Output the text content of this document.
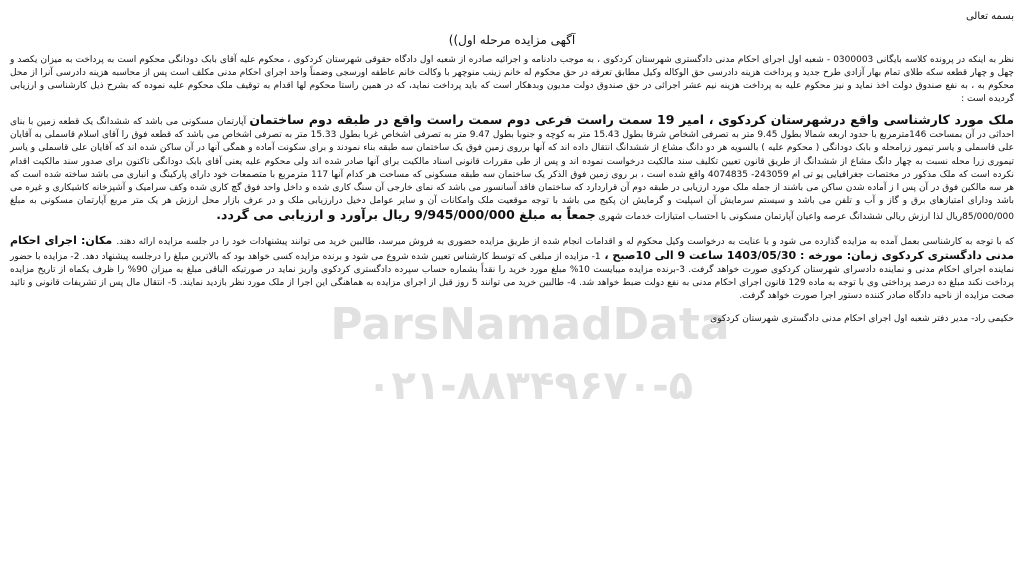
ParsNamadData
۰۲۱-۸۸۳۴۹۶۷۰-۵
بسمه تعالی
آگهی مزایده مرحله اول))

نظر به اینکه در پرونده کلاسه بایگانی 0300003 - شعبه اول اجرای احکام مدنی دادگستری شهرستان کردکوی ، به موجب دادنامه و اجرائیه صادره از شعبه اول دادگاه حقوقی شهرستان کردکوی ، محکوم علیه آقای بابک دودانگی محکوم است به پرداخت به میزان یکصد و چهل و چهار قطعه سکه طلای تمام بهار آزادی طرح جدید و پرداخت هزینه دادرسی حق الوکاله وکیل مطابق تعرفه در حق محکوم له خانم زینب منوچهر با وکالت خانم عاطفه اورسجی وضمناً واحد اجرای احکام مدنی مکلف است پس از محاسبه هزینه دادرسی آنرا از محل محکوم به ، به نفع صندوق دولت اخذ نماید و نیز محکوم علیه به پرداخت هزینه نیم عشر اجرائی در حق صندوق دولت مدیون وبدهکار است که باید پرداخت نماید، که در همین راستا محکوم لها اقدام به توقیف ملک محکوم علیه نموده که بشرح ذیل کارشناسی و ارزیابی گردیده است :

ملک مورد کارشناسی واقع درشهرستان کردکوی ، امیر 19 سمت راست فرعی دوم سمت راست واقع در طبقه دوم ساختمان آپارتمان مسکونی می باشد که ششدانگ یک قطعه زمین با بنای احداثی در آن بمساحت 146مترمربع با حدود اربعه شمالا بطول 9.45 متر به تصرفی اشخاص شرقا بطول 15.43 متر به کوچه و جنوبا بطول 9.47 متر به تصرفی اشخاص غربا بطول 15.33 متر به تصرفی اشخاص می باشد که قطعه فوق را آقای اسلام قاسملی به آقایان علی قاسملی و یاسر تیمور زرامحله و بابک دودانگی ( محکوم علیه ) بالسویه هر دو دانگ مشاع از ششدانگ انتقال داده اند که آنها برروی زمین فوق یک ساختمان سه طبقه بناء نمودند و برای سکونت آماده و همگی آنها در آن ساکن شده اند که آقایان علی قاسملی و یاسر تیموری زرا محله نسبت به چهار دانگ مشاع از ششدانگ از طریق قانون تعیین تکلیف سند مالکیت درخواست نموده اند و پس از طی مقررات قانونی اسناد مالکیت برای آنها صادر شده اند ولی محکوم علیه یعنی آقای بابک دودانگی تاکنون برای صدور سند مالکیت اقدام نکرده است که ملک مذکور در مختصات جغرافیایی یو تی ام 243059- 4074835 واقع شده است ، بر روی زمین فوق الذکر یک ساختمان سه طبقه مسکونی که مساحت هر کدام آنها 117 مترمربع با متصمعات خود دارای پارکینگ و انباری می باشد ساخته شده است که هر سه مالکین فوق در آن پس ا ز آماده شدن ساکن می باشند از جمله ملک مورد ارزیابی در طبقه دوم آن قراردارد که ساختمان فاقد آسانسور می باشد که نمای خارجی آن سنگ کاری شده و داخل واحد فوق گچ کاری شده وکف سرامیک و آشپزخانه کاشیکاری و غیره می باشد ودارای امتیازهای برق و گاز و آب و تلفن می باشد و سیستم سرمایش آن اسپلیت و گرمایش ان پکیج می باشد با توجه موقعیت ملک وامکانات آن و سایر عوامل دخیل درارزیابی ملک و در عرف بازار محل ارزش هر یک متر مربع آپارتمان مسکونی به مبلغ 85/000/000ریال لذا ارزش ریالی ششدانگ عرصه واعیان آپارتمان مسکونی با احتساب امتیازات خدمات شهری جمعاً به مبلغ 9/945/000/000 ریال برآورد و ارزیابی می گردد.

که با توجه به کارشناسی بعمل آمده به مزایده گذارده می شود و با عنایت به درخواست وکیل محکوم له و اقدامات انجام شده از طریق مزایده حضوری به فروش میرسد، طالبین خرید می توانند پیشنهادات خود را در جلسه مزایده ارائه دهند. مکان: اجرای احکام مدنی دادگستری کردکوی زمان: مورخه : 1403/05/30 ساعت 9 الی 10صبح ، 1- مزایده از مبلغی که توسط کارشناس تعیین شده شروع می شود و برنده مزایده کسی خواهد بود که بالاترین مبلغ را درجلسه پیشنهاد دهد. 2- مزایده با حضور نماینده اجرای احکام مدنی و نماینده دادسرای شهرستان کردکوی صورت خواهد گرفت. 3-برنده مزایده میبایست 10% مبلغ مورد خرید را نقداً بشماره حساب سپرده دادگستری کردکوی واریز نماید در صورتیکه الباقی مبلغ به میزان 90% را ظرف یکماه از تاریخ مزایده پرداخت نکند مبلغ ده درصد پرداختی وی با توجه به ماده 129 قانون اجرای احکام مدنی به نفع دولت ضبط خواهد شد. 4- طالبین خرید می توانند 5 روز قبل از اجرای مزایده به هماهنگی این اجرا از ملک مورد نظر بازدید نمایند. 5- انتقال مال پس از تشریفات قانونی و تائید صحت مزایده از ناحیه دادگاه صادر کننده دستور اجرا صورت خواهد گرفت.

حکیمی راد- مدیر دفتر شعبه اول اجرای احکام مدنی دادگستری شهرستان کردکوی
